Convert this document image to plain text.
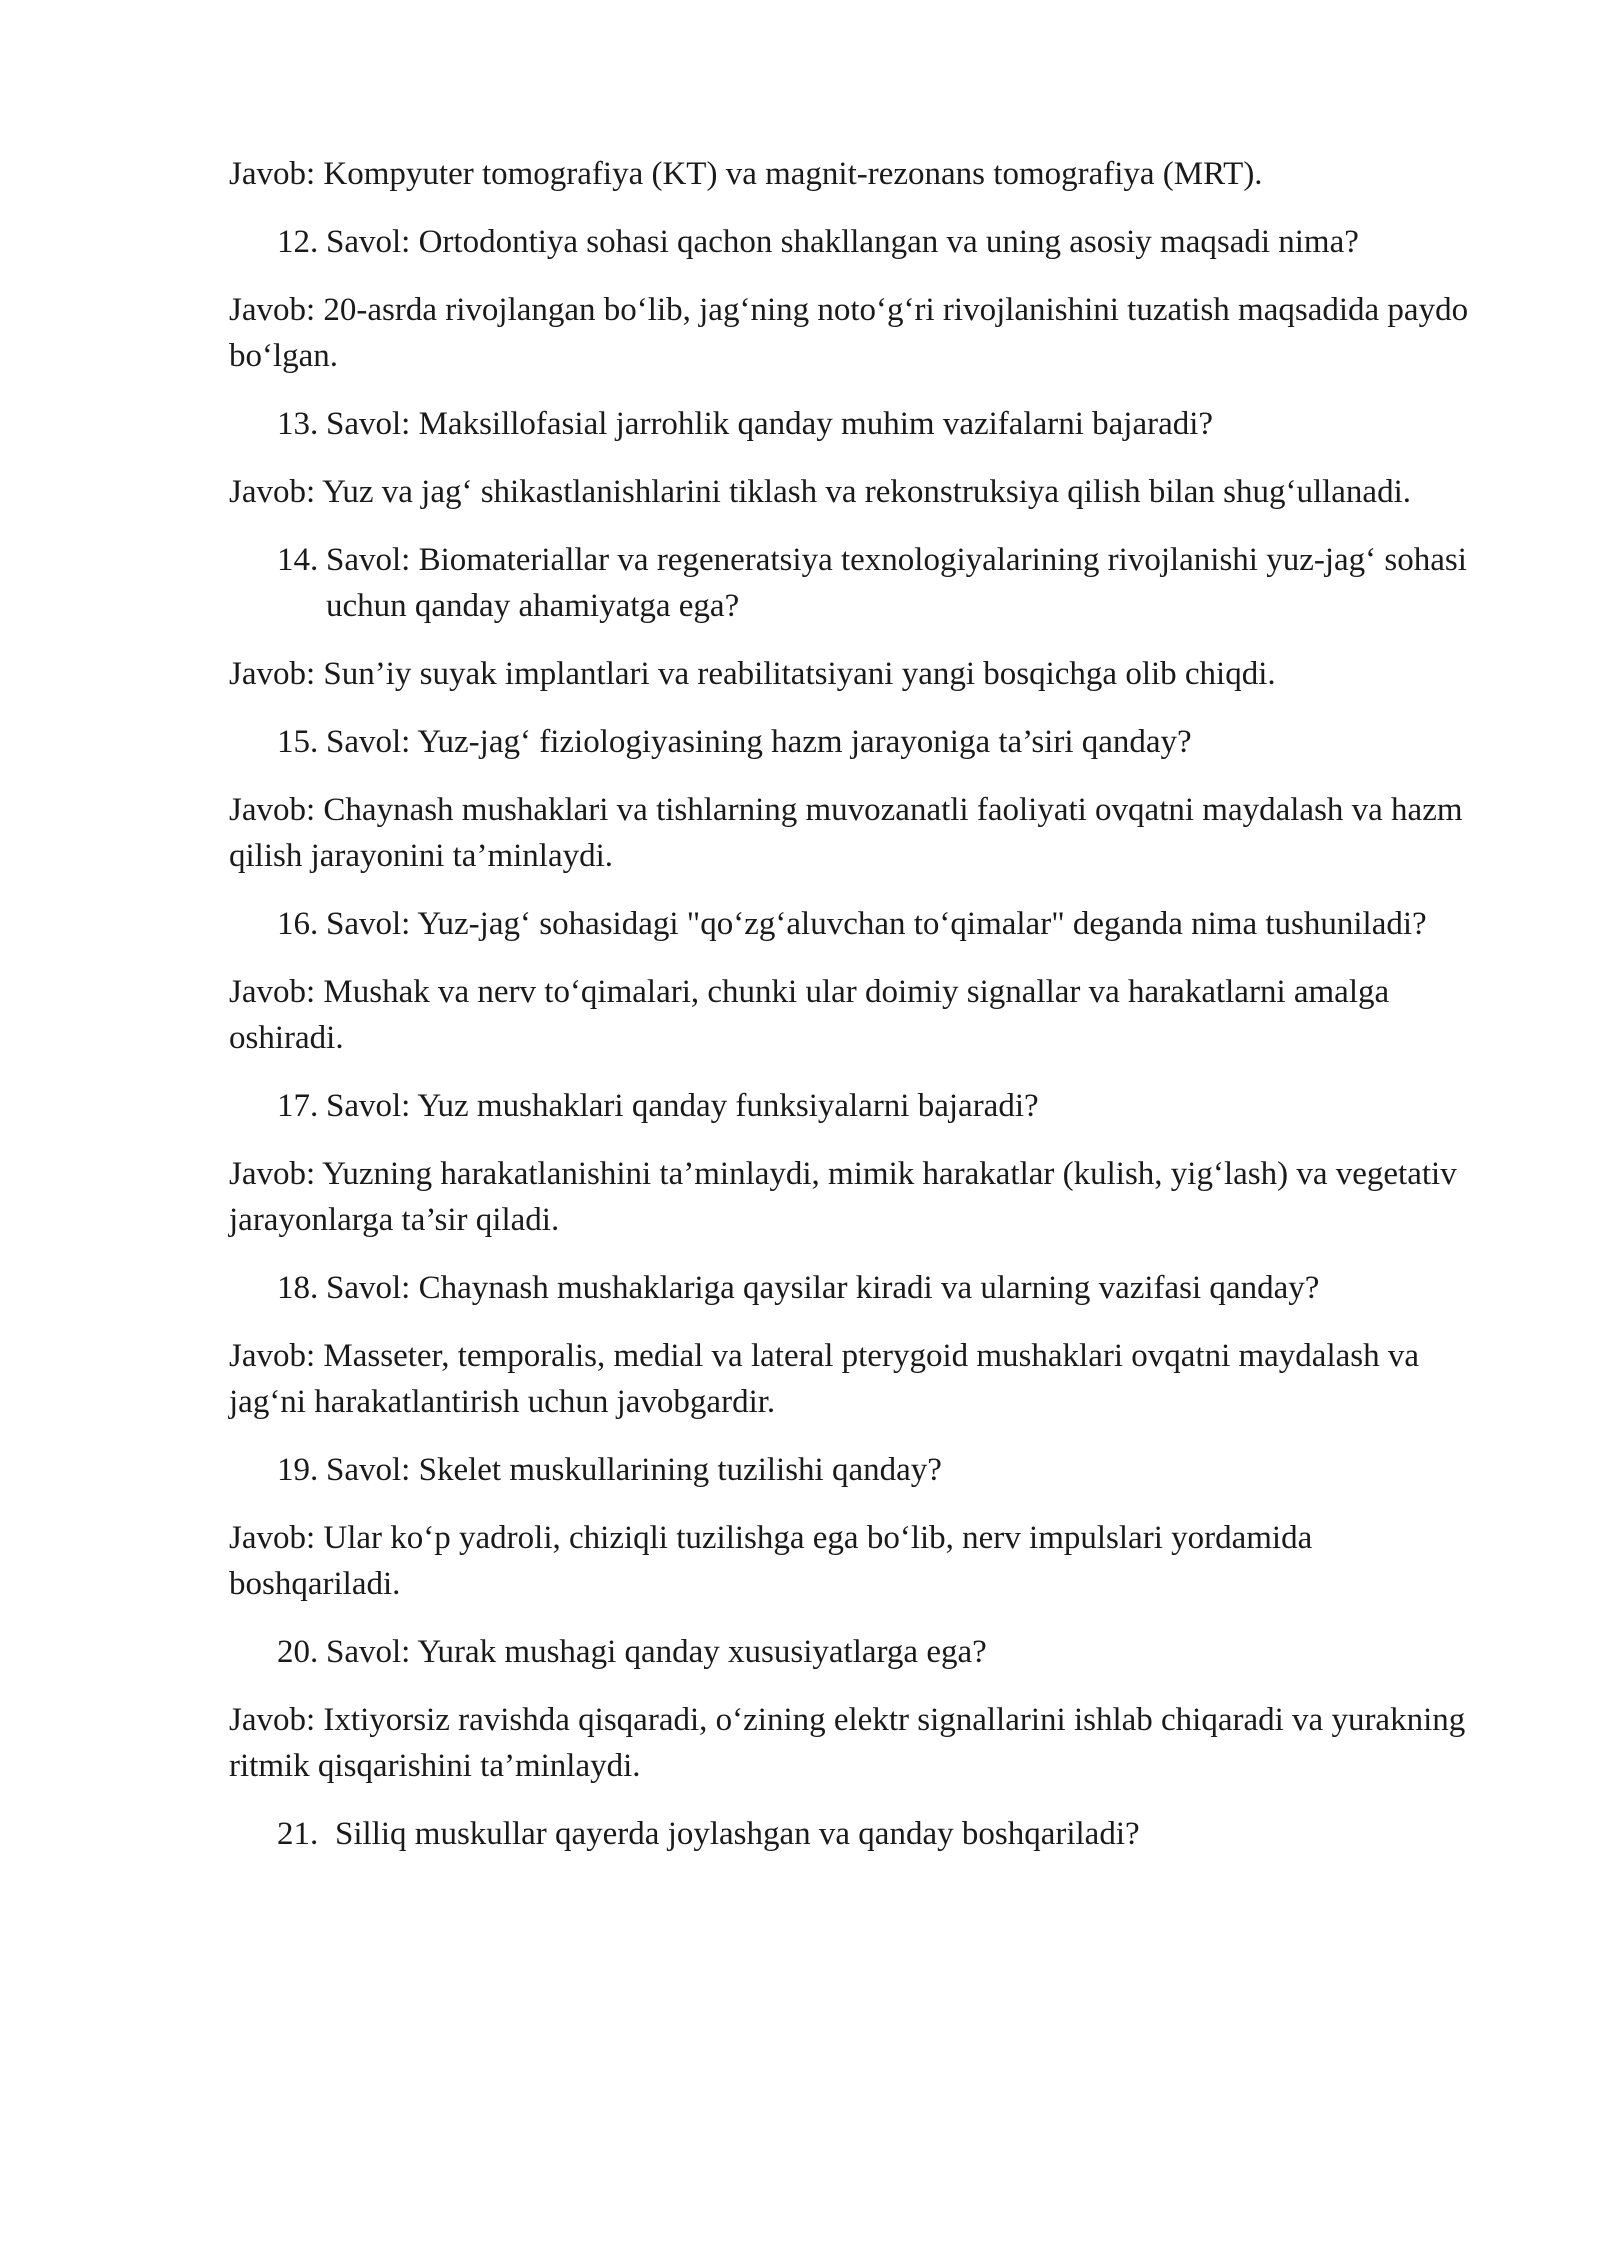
Javob: Kompyuter tomografiya (KT) va magnit-rezonans tomografiya (MRT).

12. Savol: Ortodontiya sohasi qachon shakllangan va uning asosiy maqsadi nima?

Javob: 20-asrda rivojlangan bo‘lib, jag‘ning noto‘g‘ri rivojlanishini tuzatish maqsadida paydo bo‘lgan.

13. Savol: Maksillofasial jarrohlik qanday muhim vazifalarni bajaradi?

Javob: Yuz va jag‘ shikastlanishlarini tiklash va rekonstruksiya qilish bilan shug‘ullanadi.

14. Savol: Biomateriallar va regeneratsiya texnologiyalarining rivojlanishi yuz-jag‘ sohasi uchun qanday ahamiyatga ega?

Javob: Sun’iy suyak implantlari va reabilitatsiyani yangi bosqichga olib chiqdi.

15. Savol: Yuz-jag‘ fiziologiyasining hazm jarayoniga ta’siri qanday?

Javob: Chaynash mushaklari va tishlarning muvozanatli faoliyati ovqatni maydalash va hazm qilish jarayonini ta’minlaydi.

16. Savol: Yuz-jag‘ sohasidagi "qo‘zg‘aluvchan to‘qimalar" deganda nima tushuniladi?

Javob: Mushak va nerv to‘qimalari, chunki ular doimiy signallar va harakatlarni amalga oshiradi.

17. Savol: Yuz mushaklari qanday funksiyalarni bajaradi?

Javob: Yuzning harakatlanishini ta’minlaydi, mimik harakatlar (kulish, yig‘lash) va vegetativ jarayonlarga ta’sir qiladi.

18. Savol: Chaynash mushaklariga qaysilar kiradi va ularning vazifasi qanday?

Javob: Masseter, temporalis, medial va lateral pterygoid mushaklari ovqatni maydalash va jag‘ni harakatlantirish uchun javobgardir.

19. Savol: Skelet muskullarining tuzilishi qanday?

Javob: Ular ko‘p yadroli, chiziqli tuzilishga ega bo‘lib, nerv impulslari yordamida boshqariladi.

20. Savol: Yurak mushagi qanday xususiyatlarga ega?

Javob: Ixtiyorsiz ravishda qisqaradi, o‘zining elektr signallarini ishlab chiqaradi va yurakning ritmik qisqarishini ta’minlaydi.

21. Silliq muskullar qayerda joylashgan va qanday boshqariladi?
